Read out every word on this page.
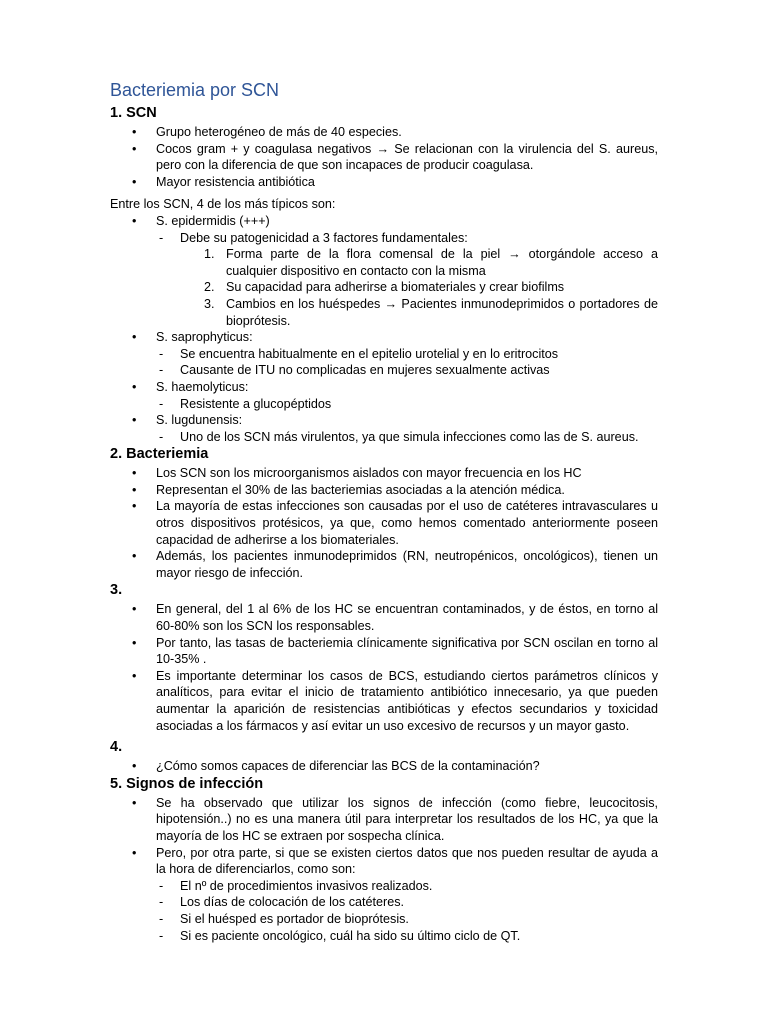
Bacteriemia por SCN
1. SCN
• Grupo heterogéneo de más de 40 especies.
• Cocos gram + y coagulasa negativos → Se relacionan con la virulencia del S. aureus, pero con la diferencia de que son incapaces de producir coagulasa.
• Mayor resistencia antibiótica

Entre los SCN, 4 de los más típicos son:

• S. epidermidis (+++)
- Debe su patogenicidad a 3 factores fundamentales:
1. Forma parte de la flora comensal de la piel → otorgándole acceso a cualquier dispositivo en contacto con la misma
2. Su capacidad para adherirse a biomateriales y crear biofilms
3. Cambios en los huéspedes → Pacientes inmunodeprimidos o portadores de bioprótesis.
• S. saprophyticus:
- Se encuentra habitualmente en el epitelio urotelial y en lo eritrocitos
- Causante de ITU no complicadas en mujeres sexualmente activas
• S. haemolyticus:
- Resistente a glucopéptidos
• S. lugdunensis:
- Uno de los SCN más virulentos, ya que simula infecciones como las de S. aureus.
2. Bacteriemia
• Los SCN son los microorganismos aislados con mayor frecuencia en los HC
• Representan el 30% de las bacteriemias asociadas a la atención médica.
• La mayoría de estas infecciones son causadas por el uso de catéteres intravasculares u otros dispositivos protésicos, ya que, como hemos comentado anteriormente poseen capacidad de adherirse a los biomateriales.
• Además, los pacientes inmunodeprimidos (RN, neutropénicos, oncológicos), tienen un mayor riesgo de infección.
3.
• En general, del 1 al 6% de los HC se encuentran contaminados, y de éstos, en torno al 60-80% son los SCN los responsables.
• Por tanto, las tasas de bacteriemia clínicamente significativa por SCN oscilan en torno al 10-35% .
• Es importante determinar los casos de BCS, estudiando ciertos parámetros clínicos y analíticos, para evitar el inicio de tratamiento antibiótico innecesario, ya que pueden aumentar la aparición de resistencias antibióticas y efectos secundarios y toxicidad asociadas a los fármacos y así evitar un uso excesivo de recursos y un mayor gasto.
4.
• ¿Cómo somos capaces de diferenciar las BCS de la contaminación?
5. Signos de infección
• Se ha observado que utilizar los signos de infección (como fiebre, leucocitosis, hipotensión..) no es una manera útil para interpretar los resultados de los HC, ya que la mayoría de los HC se extraen por sospecha clínica.
• Pero, por otra parte, si que se existen ciertos datos que nos pueden resultar de ayuda a la hora de diferenciarlos, como son:
- El nº de procedimientos invasivos realizados.
- Los días de colocación de los catéteres.
- Si el huésped es portador de bioprótesis.
- Si es paciente oncológico, cuál ha sido su último ciclo de QT.
